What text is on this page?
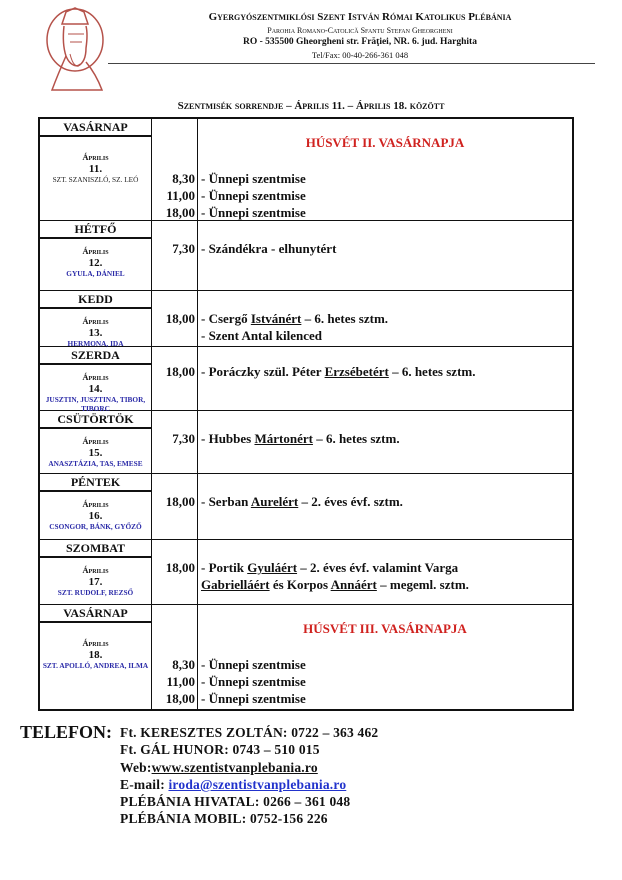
Gyergyószentmiklósi Szent István Római Katolikus Plébánia
Parohia Romano-Catolică Sfantu Stefan Gheorgheni
RO - 535500 Gheorgheni str. Frăţiei, NR. 6. jud. Harghita
Tel/Fax: 00-40-266-361 048
Szentmisék sorrendje – Április 11. – Április 18. között
VASÁRNAP
Április
11.
SZT. SZANISZLÓ, SZ. LEÓ	8,30
11,00
18,00
HÚSVÉT II. VASÁRNAPJA
- Ünnepi szentmise
- Ünnepi szentmise
- Ünnepi szentmise
HÉTFŐ
Április
12.
GYULA, DÁNIEL
7,30 - Szándékra - elhunytért
KEDD
Április
13.
HERMONA, IDA
18,00 - Csergő Istvánért – 6. hetes sztm.
- Szent Antal kilenced
SZERDA
Április
14.
JUSZTIN, JUSZTINA, TIBOR, TIBORC
18,00 - Poráczky szül. Péter Erzsébetért – 6. hetes sztm.
CSÜTÖRTÖK
Április
15.
ANASZTÁZIA, TAS, EMESE
7,30 - Hubbes Mártonért – 6. hetes sztm.
PÉNTEK
Április
16.
CSONGOR, BÁNK, GYŐZŐ
18,00 - Serban Aurelért – 2. éves évf. sztm.
SZOMBAT
Április
17.
SZT. RUDOLF, REZSŐ
18,00 - Portik Gyuláért – 2. éves évf. valamint Varga
Gabrielláért és Korpos Annáért – megeml. sztm.
VASÁRNAP
Április
18.
SZT. APOLLÓ, ANDREA, ILMA	8,30
11,00
18,00
HÚSVÉT III. VASÁRNAPJA
- Ünnepi szentmise
- Ünnepi szentmise
- Ünnepi szentmise
TELEFON: Ft. KERESZTES ZOLTÁN: 0722 – 363 462
Ft. GÁL HUNOR: 0743 – 510 015
Web:www.szentistvanplebania.ro
E-mail: iroda@szentistvanplebania.ro
PLÉBÁNIA HIVATAL: 0266 – 361 048
PLÉBÁNIA MOBIL: 0752-156 226
